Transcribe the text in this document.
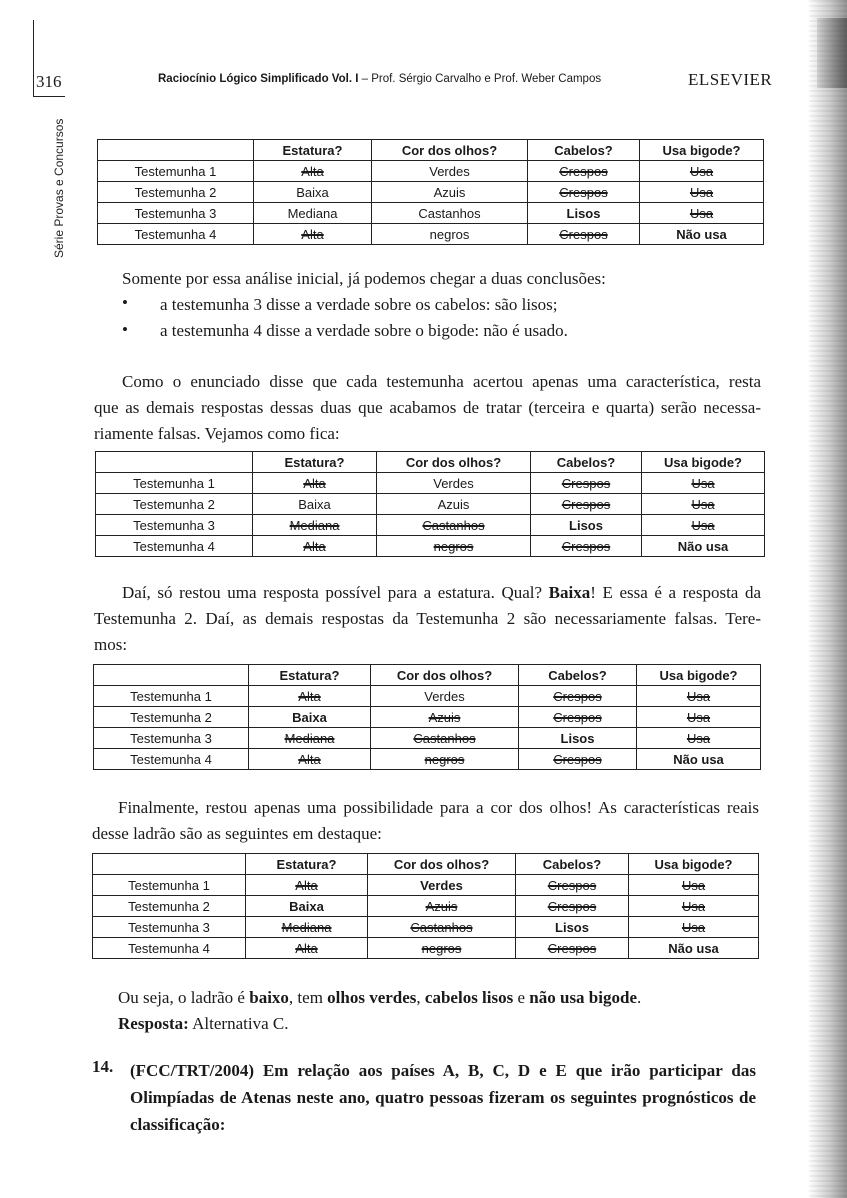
316
Série Provas e Concursos
Raciocínio Lógico Simplificado Vol. I – Prof. Sérgio Carvalho e Prof. Weber Campos	ELSEVIER
	Estatura?	Cor dos olhos?	Cabelos?	Usa bigode?
Testemunha 1	Alta	Verdes	Crespos	Usa
Testemunha 2	Baixa	Azuis	Crespos	Usa
Testemunha 3	Mediana	Castanhos	Lisos	Usa
Testemunha 4	Alta	negros	Crespos	Não usa

Somente por essa análise inicial, já podemos chegar a duas conclusões:

• a testemunha 3 disse a verdade sobre os cabelos: são lisos;

• a testemunha 4 disse a verdade sobre o bigode: não é usado.

Como o enunciado disse que cada testemunha acertou apenas uma característica, resta
que as demais respostas dessas duas que acabamos de tratar (terceira e quarta) serão necessa-

riamente falsas. Vejamos como fica:

	Estatura?	Cor dos olhos?	Cabelos?	Usa bigode?
Testemunha 1	Alta	Verdes	Crespos	Usa
Testemunha 2	Baixa	Azuis	Crespos	Usa
Testemunha 3	Mediana	Castanhos	Lisos	Usa
Testemunha 4	Alta	negros	Crespos	Não usa
Daí, só restou uma resposta possível para a estatura. Qual? Baixa! E essa é a resposta da
Testemunha 2. Daí, as demais respostas da Testemunha 2 são necessariamente falsas. Tere-

mos:

	Estatura?	Cor dos olhos?	Cabelos?	Usa bigode?
Testemunha 1	Alta	Verdes	Crespos	Usa
Testemunha 2	Baixa	Azuis	Crespos	Usa
Testemunha 3	Mediana	Castanhos	Lisos	Usa
Testemunha 4	Alta	negros	Crespos	Não usa
Finalmente, restou apenas uma possibilidade para a cor dos olhos! As características reais

desse ladrão são as seguintes em destaque:

	Estatura?	Cor dos olhos?	Cabelos?	Usa bigode?
Testemunha 1	Alta	Verdes	Crespos	Usa
Testemunha 2	Baixa	Azuis	Crespos	Usa
Testemunha 3	Mediana	Castanhos	Lisos	Usa
Testemunha 4	Alta	negros	Crespos	Não usa

Ou seja, o ladrão é baixo, tem olhos verdes, cabelos lisos e não usa bigode.

Resposta: Alternativa C.

14. (FCC/TRT/2004) Em relação aos países A, B, C, D e E que irão participar das Olimpíadas de Atenas neste ano, quatro pessoas fizeram os seguintes prognósticos de classificação:
